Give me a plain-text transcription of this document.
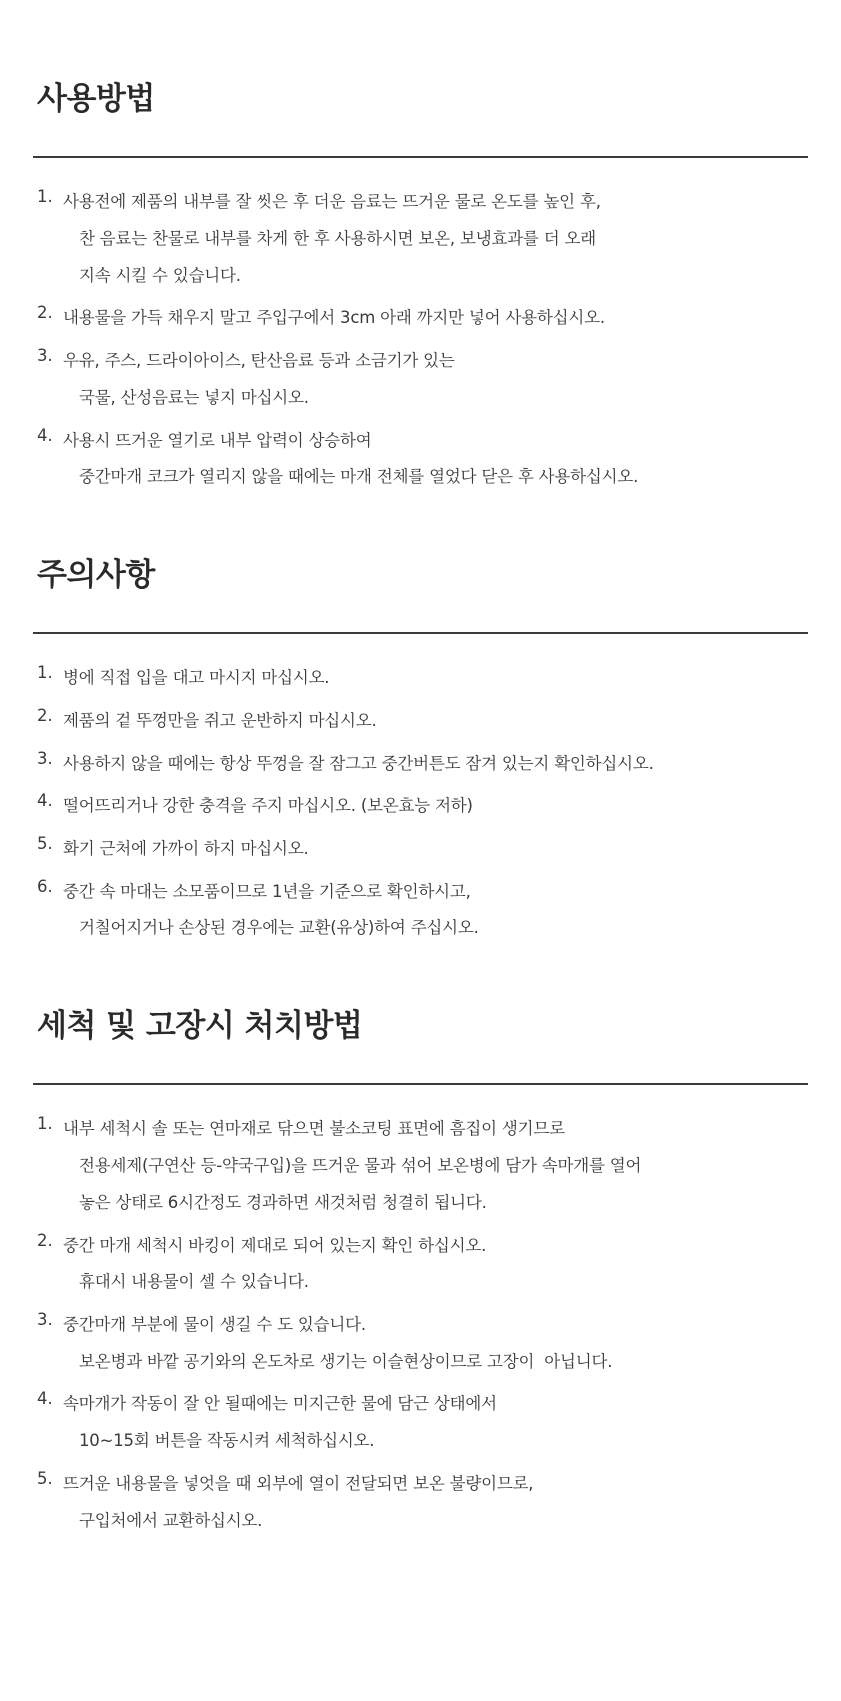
사용방법
1. 사용전에 제품의 내부를 잘 씻은 후 더운 음료는 뜨거운 물로 온도를 높인 후,
찬 음료는 찬물로 내부를 차게 한 후 사용하시면 보온, 보냉효과를 더 오래
지속 시킬 수 있습니다.
2. 내용물을 가득 채우지 말고 주입구에서 3cm 아래 까지만 넣어 사용하십시오.
3. 우유, 주스, 드라이아이스, 탄산음료 등과 소금기가 있는
국물, 산성음료는 넣지 마십시오.
4. 사용시 뜨거운 열기로 내부 압력이 상승하여
중간마개 코크가 열리지 않을 때에는 마개 전체를 열었다 닫은 후 사용하십시오.
주의사항
1. 병에 직접 입을 대고 마시지 마십시오.
2. 제품의 겉 뚜껑만을 쥐고 운반하지 마십시오.
3. 사용하지 않을 때에는 항상 뚜껑을 잘 잠그고 중간버튼도 잠겨 있는지 확인하십시오.
4. 떨어뜨리거나 강한 충격을 주지 마십시오. (보온효능 저하)
5. 화기 근처에 가까이 하지 마십시오.
6. 중간 속 마대는 소모품이므로 1년을 기준으로 확인하시고,
거칠어지거나 손상된 경우에는 교환(유상)하여 주십시오.
세척 및 고장시 처치방법
1. 내부 세척시 솔 또는 연마재로 닦으면 불소코팅 표면에 흠집이 생기므로
전용세제(구연산 등-약국구입)을 뜨거운 물과 섞어 보온병에 담가 속마개를 열어
놓은 상태로 6시간정도 경과하면 새것처럼 청결히 됩니다.
2. 중간 마개 세척시 바킹이 제대로 되어 있는지 확인 하십시오.
휴대시 내용물이 셀 수 있습니다.
3. 중간마개 부분에 물이 생길 수 도 있습니다.
보온병과 바깥 공기와의 온도차로 생기는 이슬현상이므로 고장이  아닙니다.
4. 속마개가 작동이 잘 안 될때에는 미지근한 물에 담근 상태에서
10~15회 버튼을 작동시켜 세척하십시오.
5. 뜨거운 내용물을 넣엇을 때 외부에 열이 전달되면 보온 불량이므로,
구입처에서 교환하십시오.
